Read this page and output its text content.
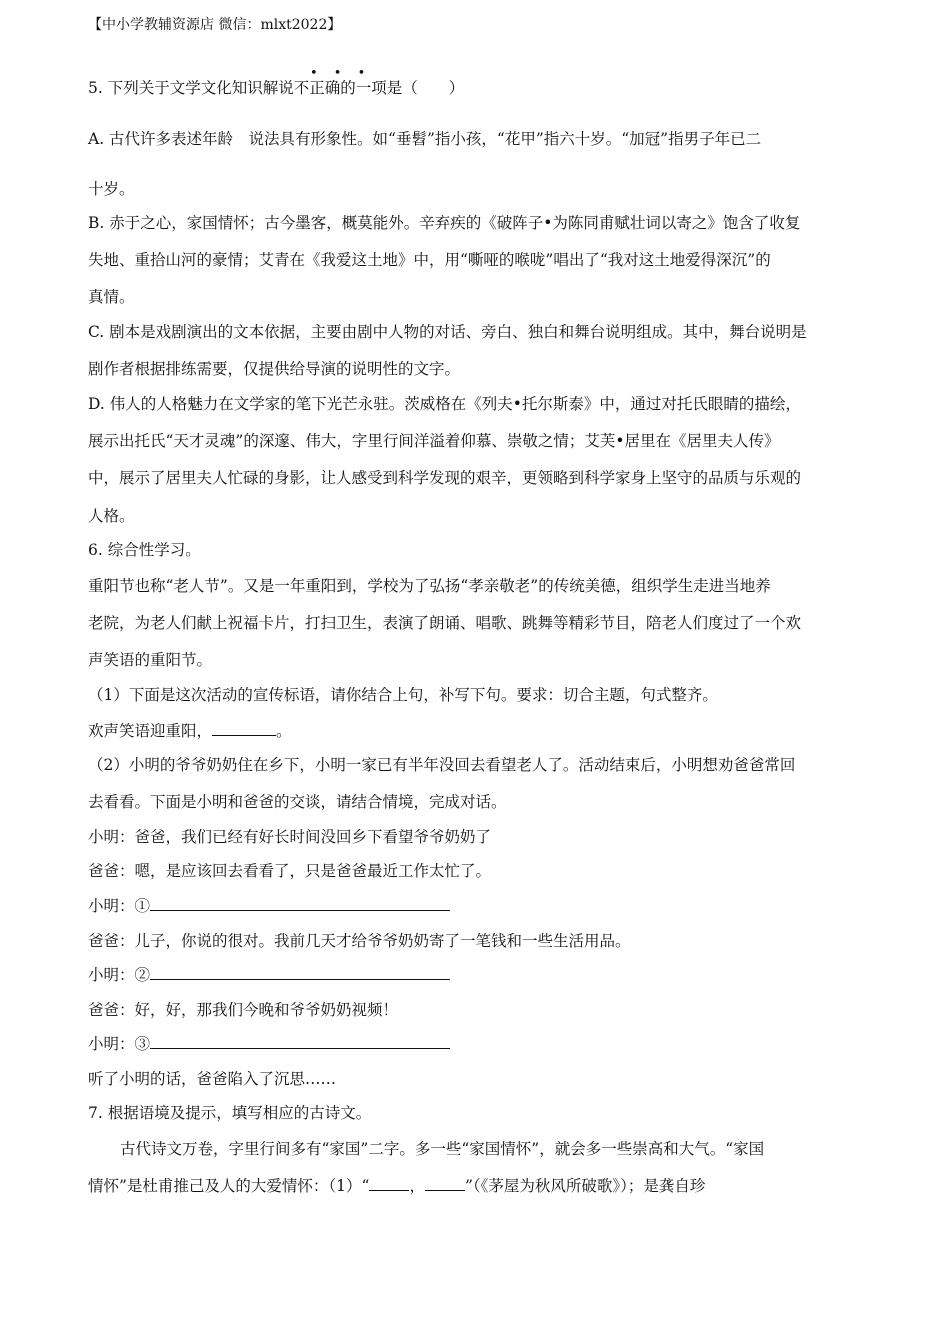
【中小学教辅资源店 微信：mlxt2022】
• • •
5. 下列关于文学文化知识解说不正确的一项是（　　）
A. 古代许多表述年龄　说法具有形象性。如“垂髫”指小孩，“花甲”指六十岁。“加冠”指男子年已二
十岁。
B. 赤于之心，家国情怀；古今墨客，概莫能外。辛弃疾的《破阵子•为陈同甫赋壮词以寄之》饱含了收复
失地、重拾山河的豪情；艾青在《我爱这土地》中，用“嘶哑的喉咙”唱出了“我对这土地爱得深沉”的
真情。
C. 剧本是戏剧演出的文本依据，主要由剧中人物的对话、旁白、独白和舞台说明组成。其中，舞台说明是
剧作者根据排练需要，仅提供给导演的说明性的文字。
D. 伟人的人格魅力在文学家的笔下光芒永驻。茨威格在《列夫•托尔斯泰》中，通过对托氏眼睛的描绘，
展示出托氏“天才灵魂”的深邃、伟大，字里行间洋溢着仰慕、崇敬之情；艾芙•居里在《居里夫人传》
中，展示了居里夫人忙碌的身影，让人感受到科学发现的艰辛，更领略到科学家身上坚守的品质与乐观的
人格。
6. 综合性学习。
重阳节也称“老人节”。又是一年重阳到，学校为了弘扬“孝亲敬老”的传统美德，组织学生走进当地养
老院，为老人们献上祝福卡片，打扫卫生，表演了朗诵、唱歌、跳舞等精彩节目，陪老人们度过了一个欢
声笑语的重阳节。
（1）下面是这次活动的宣传标语，请你结合上句，补写下句。要求：切合主题，句式整齐。
欢声笑语迎重阳，	。
（2）小明的爷爷奶奶住在乡下，小明一家已有半年没回去看望老人了。活动结束后，小明想劝爸爸常回
去看看。下面是小明和爸爸的交谈，请结合情境，完成对话。
小明：爸爸，我们已经有好长时间没回乡下看望爷爷奶奶了
爸爸：嗯，是应该回去看看了，只是爸爸最近工作太忙了。
小明：①
爸爸：儿子，你说的很对。我前几天才给爷爷奶奶寄了一笔钱和一些生活用品。
小明：②
爸爸：好，好，那我们今晚和爷爷奶奶视频！
小明：③
听了小明的话，爸爸陷入了沉思……
7. 根据语境及提示，填写相应的古诗文。
古代诗文万卷，字里行间多有“家国”二字。多一些“家国情怀”，就会多一些崇高和大气。“家国
情怀”是杜甫推己及人的大爱情怀：（1）“	，	”（《茅屋为秋风所破歌》）；是龚自珍
